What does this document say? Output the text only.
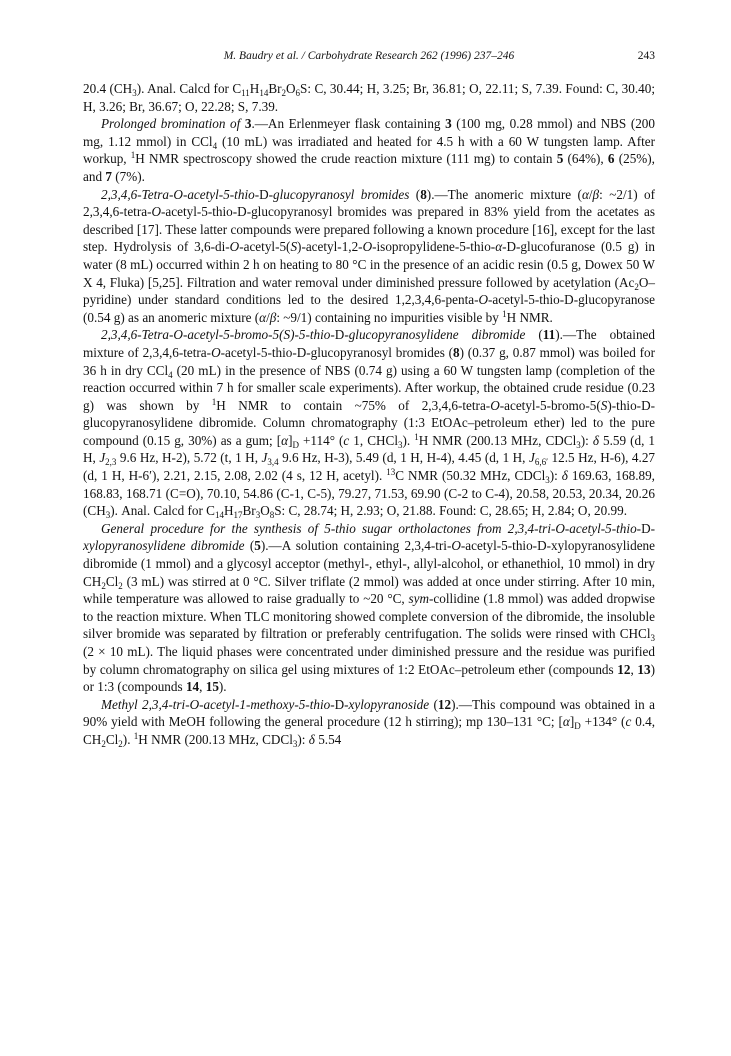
M. Baudry et al. / Carbohydrate Research 262 (1996) 237–246	243

20.4 $(CH_3)$. Anal. Calcd for $C_{11}H_{14}Br_2O_6S$: C, 30.44; H, 3.25; Br, 36.81; O, 22.11; S, 7.39. Found: C, 30.40; H, 3.26; Br, 36.67; O, 22.28; S, 7.39.

Prolonged bromination of 3.—An Erlenmeyer flask containing 3 (100 mg, 0.28 mmol) and NBS (200 mg, 1.12 mmol) in CCl$_4$ (10 mL) was irradiated and heated for 4.5 h with a 60 W tungsten lamp. After workup, $^1$H NMR spectroscopy showed the crude reaction mixture (111 mg) to contain 5 (64%), 6 (25%), and 7 (7%).

2,3,4,6-Tetra-O-acetyl-5-thio-D-glucopyranosyl bromides (8).—The anomeric mixture (α/β: ~2/1) of 2,3,4,6-tetra-O-acetyl-5-thio-D-glucopyranosyl bromides was prepared in 83% yield from the acetates as described [17]. These latter compounds were prepared following a known procedure [16], except for the last step. Hydrolysis of 3,6-di-O-acetyl-5(S)-acetyl-1,2-O-isopropylidene-5-thio-α-D-glucofuranose (0.5 g) in water (8 mL) occurred within 2 h on heating to 80 °C in the presence of an acidic resin (0.5 g, Dowex 50 W X 4, Fluka) [5,25]. Filtration and water removal under diminished pressure followed by acetylation $(Ac_2O-pyridine)$ under standard conditions led to the desired 1,2,3,4,6-penta-O-acetyl-5-thio-D-glucopyranose (0.54 g) as an anomeric mixture (α/β: ~9/1) containing no impurities visible by $^1$H NMR.

2,3,4,6-Tetra-O-acetyl-5-bromo-5(S)-5-thio-D-glucopyranosylidene dibromide (11).—The obtained mixture of 2,3,4,6-tetra-O-acetyl-5-thio-D-glucopyranosyl bromides (8) (0.37 g, 0.87 mmol) was boiled for 36 h in dry CCl$_4$ (20 mL) in the presence of NBS (0.74 g) using a 60 W tungsten lamp (completion of the reaction occurred within 7 h for smaller scale experiments). After workup, the obtained crude residue (0.23 g) was shown by $^1$H NMR to contain ~75% of 2,3,4,6-tetra-O-acetyl-5-bromo-5(S)-thio-D-glucopyranosylidene dibromide. Column chromatography (1:3 EtOAc–petroleum ether) led to the pure compound (0.15 g, 30%) as a gum; $[\alpha]_D +114^\circ$ (c 1, CHCl$_3$). $^1$H NMR (200.13 MHz, CDCl$_3$): δ 5.59 (d, 1 H, $J_{2,3}$ 9.6 Hz, H-2), 5.72 (t, 1 H, $J_{3,4}$ 9.6 Hz, H-3), 5.49 (d, 1 H, H-4), 4.45 (d, 1 H, $J_{6,6'}$ 12.5 Hz, H-6), 4.27 (d, 1 H, H-6′), 2.21, 2.15, 2.08, 2.02 (4 s, 12 H, acetyl). $^{13}$C NMR (50.32 MHz, CDCl$_3$): δ 169.63, 168.89, 168.83, 168.71 (C=O), 70.10, 54.86 (C-1, C-5), 79.27, 71.53, 69.90 (C-2 to C-4), 20.58, 20.53, 20.34, 20.26 $(CH_3)$. Anal. Calcd for $C_{14}H_{17}Br_3O_8S$: C, 28.74; H, 2.93; O, 21.88. Found: C, 28.65; H, 2.84; O, 20.99.

General procedure for the synthesis of 5-thio sugar ortholactones from 2,3,4-tri-O-acetyl-5-thio-D-xylopyranosylidene dibromide (5).—A solution containing 2,3,4-tri-O-acetyl-5-thio-D-xylopyranosylidene dibromide (1 mmol) and a glycosyl acceptor (methyl-, ethyl-, allyl-alcohol, or ethanethiol, 10 mmol) in dry $CH_2Cl_2$ (3 mL) was stirred at 0 °C. Silver triflate (2 mmol) was added at once under stirring. After 10 min, while temperature was allowed to raise gradually to ~20 °C, sym-collidine (1.8 mmol) was added dropwise to the reaction mixture. When TLC monitoring showed complete conversion of the dibromide, the insoluble silver bromide was separated by filtration or preferably centrifugation. The solids were rinsed with CHCl$_3$ (2 × 10 mL). The liquid phases were concentrated under diminished pressure and the residue was purified by column chromatography on silica gel using mixtures of 1:2 EtOAc–petroleum ether (compounds 12, 13) or 1:3 (compounds 14, 15).

Methyl 2,3,4-tri-O-acetyl-1-methoxy-5-thio-D-xylopyranoside (12).—This compound was obtained in a 90% yield with MeOH following the general procedure (12 h stirring); mp 130–131 °C; $[\alpha]_D +134^\circ$ (c 0.4, $CH_2Cl_2$). $^1$H NMR (200.13 MHz, CDCl$_3$): δ 5.54
